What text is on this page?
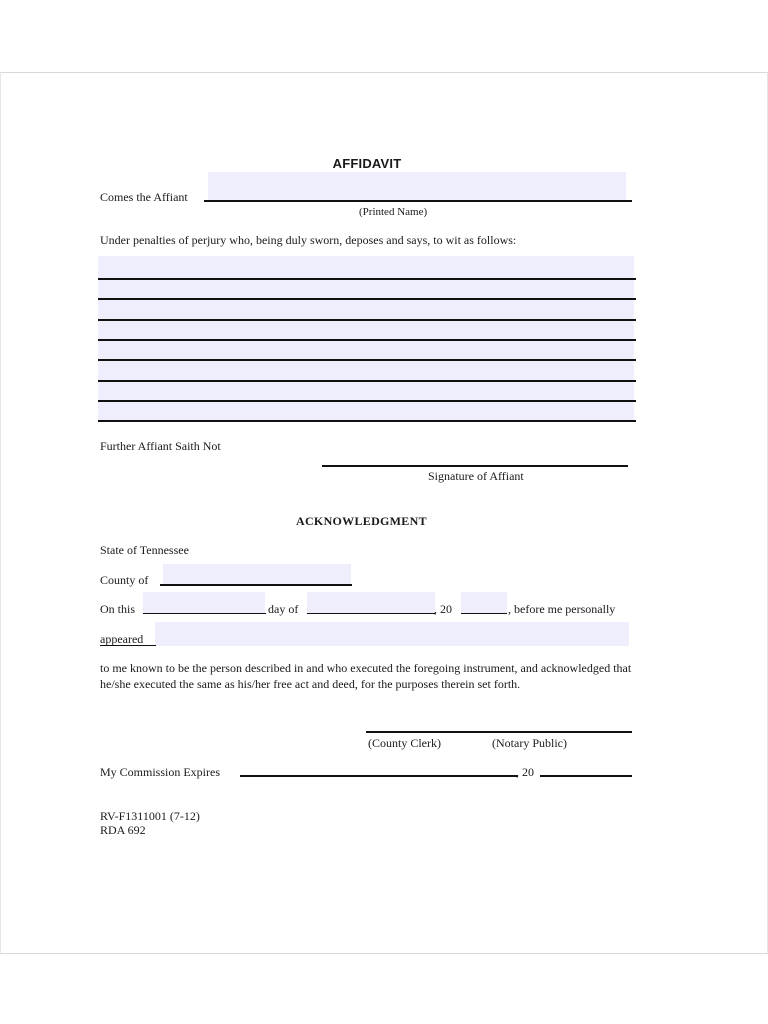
AFFIDAVIT
Comes the Affiant
(Printed Name)
Under penalties of perjury who, being duly sworn, deposes and says, to wit as follows:
Further Affiant Saith Not
Signature of Affiant
ACKNOWLEDGMENT
State of Tennessee
County of
On this	day of	, 20	, before me personally
appeared
to me known to be the person described in and who executed the foregoing instrument, and acknowledged that he/she executed the same as his/her free act and deed, for the purposes therein set forth.
(County Clerk)	(Notary Public)
My Commission Expires	, 20
RV-F1311001 (7-12)
RDA 692
